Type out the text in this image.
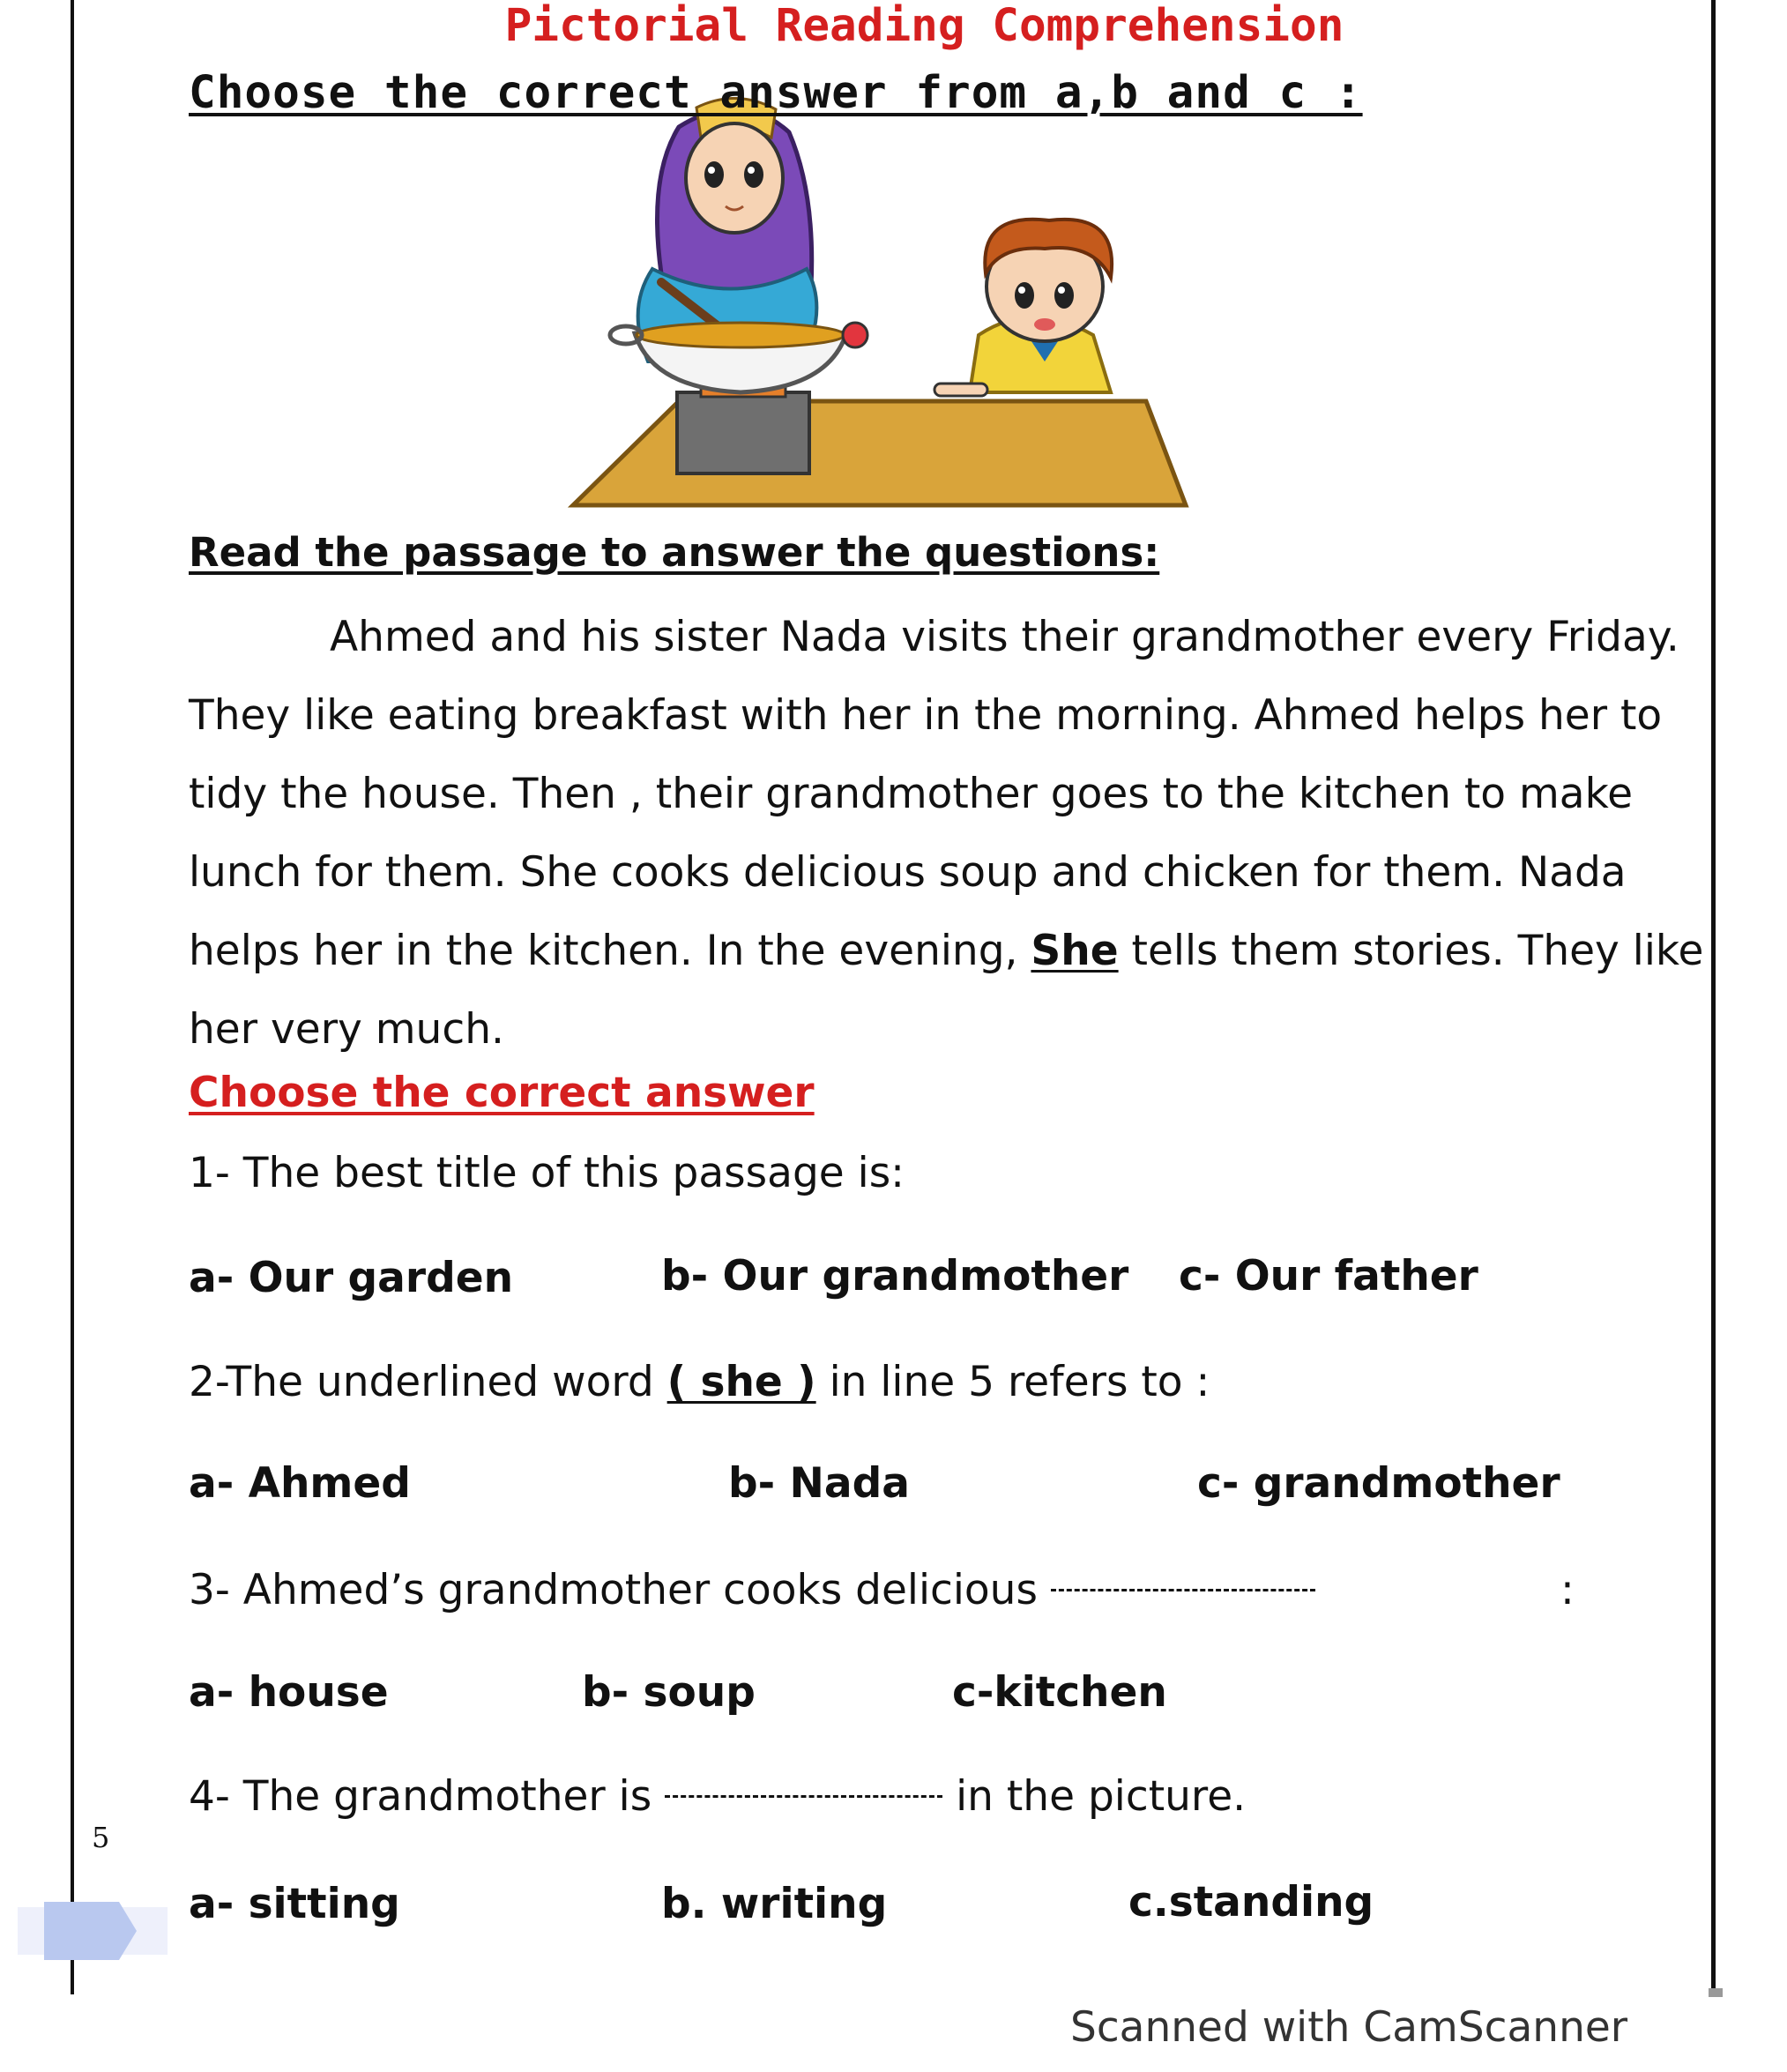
Pictorial Reading Comprehension
Choose the correct answer from a,b and c :
Read the passage to answer the questions:
Ahmed and his sister Nada visits their grandmother every Friday.
They like eating breakfast with her in the morning. Ahmed helps her to
tidy the house. Then , their grandmother goes to the kitchen to make
lunch for them. She cooks delicious soup and chicken for them. Nada
helps her in the kitchen. In the evening, She tells them stories. They like
her very much.
Choose the correct answer
1- The best title of this passage is:
a- Our garden	b- Our grandmother c- Our father
2-The underlined word ( she ) in line 5 refers to :
a- Ahmed	b- Nada	c- grandmother
3- Ahmed’s grandmother cooks delicious	:
a- house	b- soup	c-kitchen
4- The grandmother is	in the picture.
a- sitting	b. writing	c.standing
5
Scanned with CamScanner
